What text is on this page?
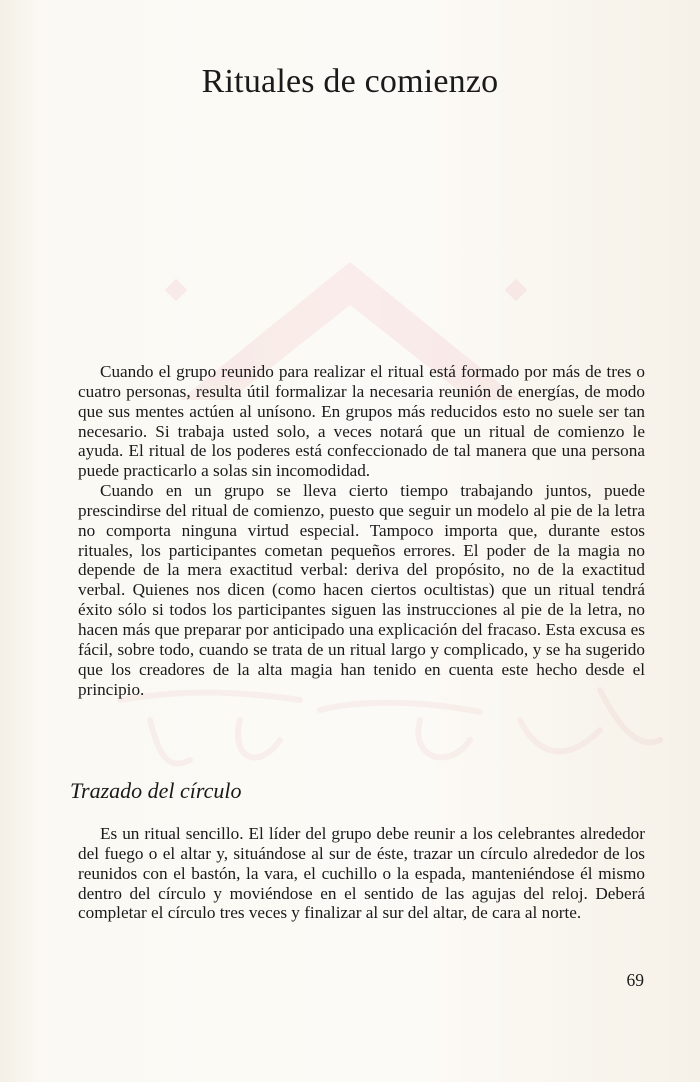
Rituales de comienzo

Cuando el grupo reunido para realizar el ritual está formado por más de tres o cuatro personas, resulta útil formalizar la necesaria reunión de energías, de modo que sus mentes actúen al unísono. En grupos más reducidos esto no suele ser tan necesario. Si trabaja usted solo, a veces notará que un ritual de comienzo le ayuda. El ritual de los poderes está confeccionado de tal manera que una persona puede practicarlo a solas sin incomodidad.

Cuando en un grupo se lleva cierto tiempo trabajando juntos, puede prescindirse del ritual de comienzo, puesto que seguir un modelo al pie de la letra no comporta ninguna virtud especial. Tampoco importa que, durante estos rituales, los participantes cometan pequeños errores. El poder de la magia no depende de la mera exactitud verbal: deriva del propósito, no de la exactitud verbal. Quienes nos dicen (como hacen ciertos ocultistas) que un ritual tendrá éxito sólo si todos los participantes siguen las instrucciones al pie de la letra, no hacen más que preparar por anticipado una explicación del fracaso. Esta excusa es fácil, sobre todo, cuando se trata de un ritual largo y complicado, y se ha sugerido que los creadores de la alta magia han tenido en cuenta este hecho desde el principio.

Trazado del círculo

Es un ritual sencillo. El líder del grupo debe reunir a los celebrantes alrededor del fuego o el altar y, situándose al sur de éste, trazar un círculo alrededor de los reunidos con el bastón, la vara, el cuchillo o la espada, manteniéndose él mismo dentro del círculo y moviéndose en el sentido de las agujas del reloj. Deberá completar el círculo tres veces y finalizar al sur del altar, de cara al norte.

69
